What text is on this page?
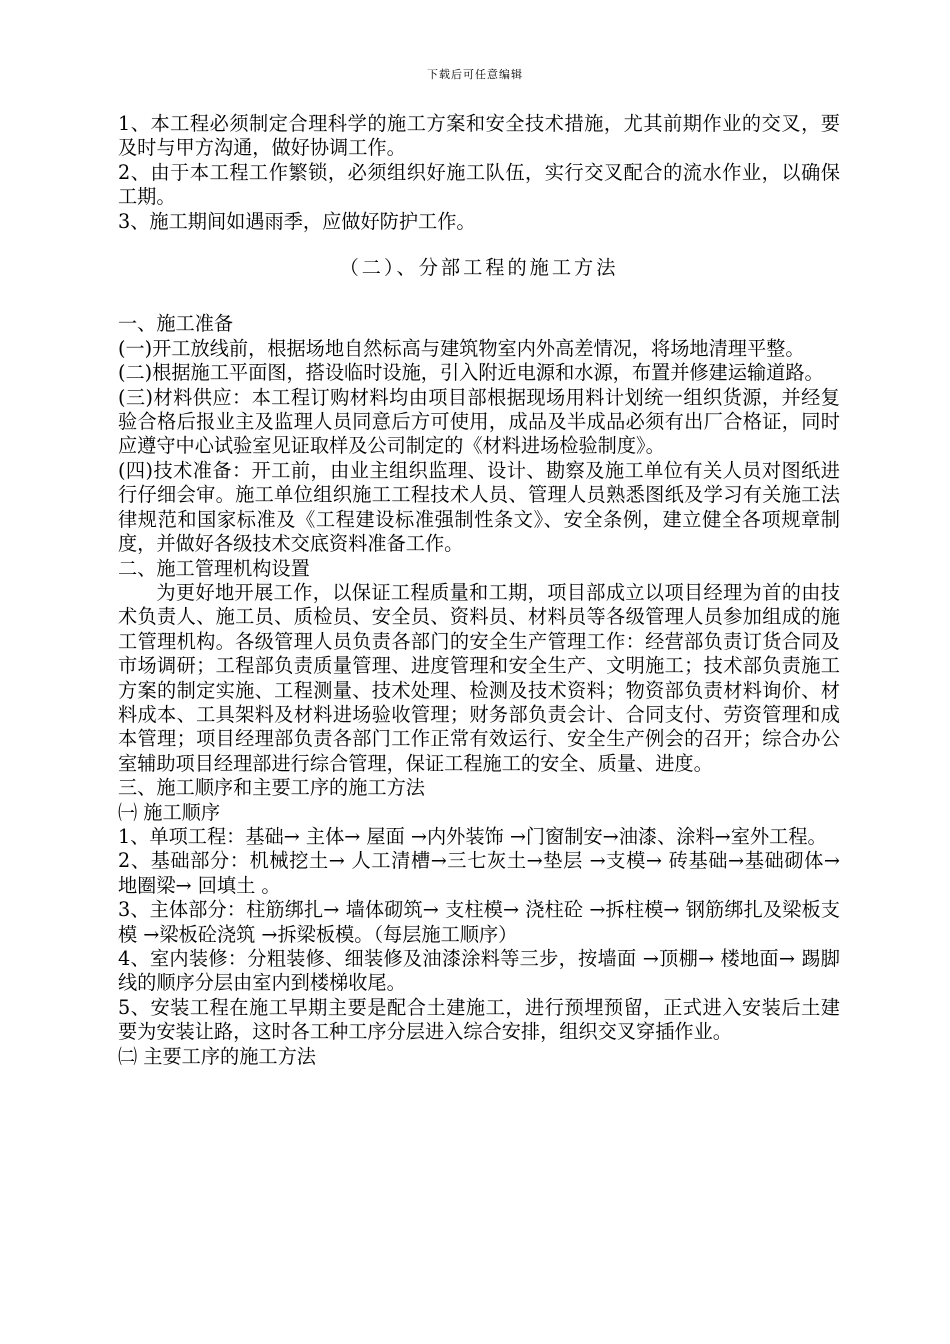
下载后可任意编辑

1、本工程必须制定合理科学的施工方案和安全技术措施，尤其前期作业的交叉，要及时与甲方沟通，做好协调工作。

2、由于本工程工作繁锁，必须组织好施工队伍，实行交叉配合的流水作业，以确保工期。

3、施工期间如遇雨季，应做好防护工作。

（二）、分部工程的施工方法

一、施工准备

(一)开工放线前，根据场地自然标高与建筑物室内外高差情况，将场地清理平整。

(二)根据施工平面图，搭设临时设施，引入附近电源和水源，布置并修建运输道路。

(三)材料供应：本工程订购材料均由项目部根据现场用料计划统一组织货源，并经复验合格后报业主及监理人员同意后方可使用，成品及半成品必须有出厂合格证，同时应遵守中心试验室见证取样及公司制定的《材料进场检验制度》。

(四)技术准备：开工前，由业主组织监理、设计、勘察及施工单位有关人员对图纸进行仔细会审。施工单位组织施工工程技术人员、管理人员熟悉图纸及学习有关施工法律规范和国家标准及《工程建设标准强制性条文》、安全条例，建立健全各项规章制度，并做好各级技术交底资料准备工作。

二、施工管理机构设置

为更好地开展工作，以保证工程质量和工期，项目部成立以项目经理为首的由技术负责人、施工员、质检员、安全员、资料员、材料员等各级管理人员参加组成的施工管理机构。各级管理人员负责各部门的安全生产管理工作：经营部负责订货合同及市场调研；工程部负责质量管理、进度管理和安全生产、文明施工；技术部负责施工方案的制定实施、工程测量、技术处理、检测及技术资料；物资部负责材料询价、材料成本、工具架料及材料进场验收管理；财务部负责会计、合同支付、劳资管理和成本管理；项目经理部负责各部门工作正常有效运行、安全生产例会的召开；综合办公室辅助项目经理部进行综合管理，保证工程施工的安全、质量、进度。

三、施工顺序和主要工序的施工方法

㈠ 施工顺序

1、单项工程：基础→ 主体→ 屋面 →内外装饰 →门窗制安→油漆、涂料→室外工程。

2、基础部分：机械挖土→ 人工清槽→三七灰土→垫层 →支模→ 砖基础→基础砌体→ 地圈梁→ 回填土 。

3、主体部分：柱筋绑扎→ 墙体砌筑→ 支柱模→ 浇柱砼 →拆柱模→ 钢筋绑扎及梁板支模 →梁板砼浇筑 →拆梁板模。（每层施工顺序）

4、室内装修：分粗装修、细装修及油漆涂料等三步，按墙面 →顶棚→ 楼地面→ 踢脚线的顺序分层由室内到楼梯收尾。

5、安装工程在施工早期主要是配合土建施工，进行预埋预留，正式进入安装后土建要为安装让路，这时各工种工序分层进入综合安排，组织交叉穿插作业。

㈡ 主要工序的施工方法
